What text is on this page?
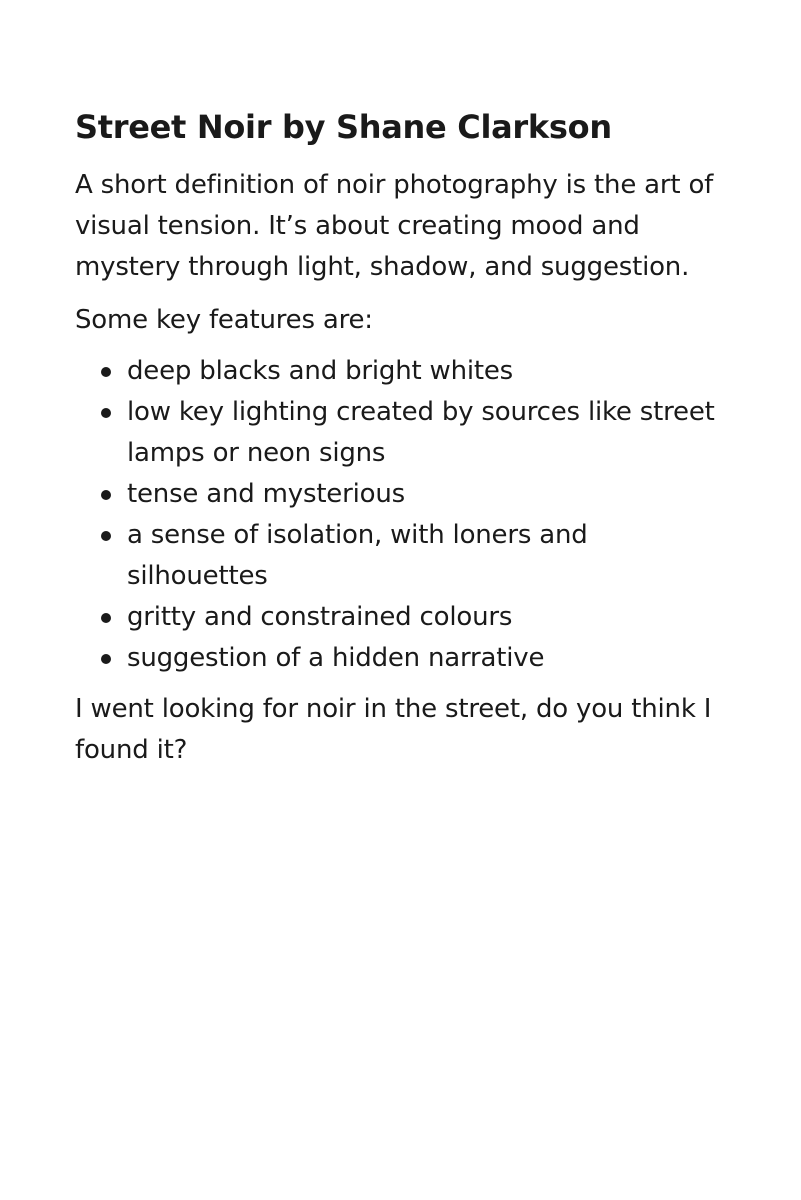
Street Noir by Shane Clarkson

A short definition of noir photography is the art of visual tension. It’s about creating mood and mystery through light, shadow, and suggestion.

Some key features are:

deep blacks and bright whites
low key lighting created by sources like street lamps or neon signs
tense and mysterious
a sense of isolation, with loners and silhouettes
gritty and constrained colours
suggestion of a hidden narrative

I went looking for noir in the street, do you think I found it?
